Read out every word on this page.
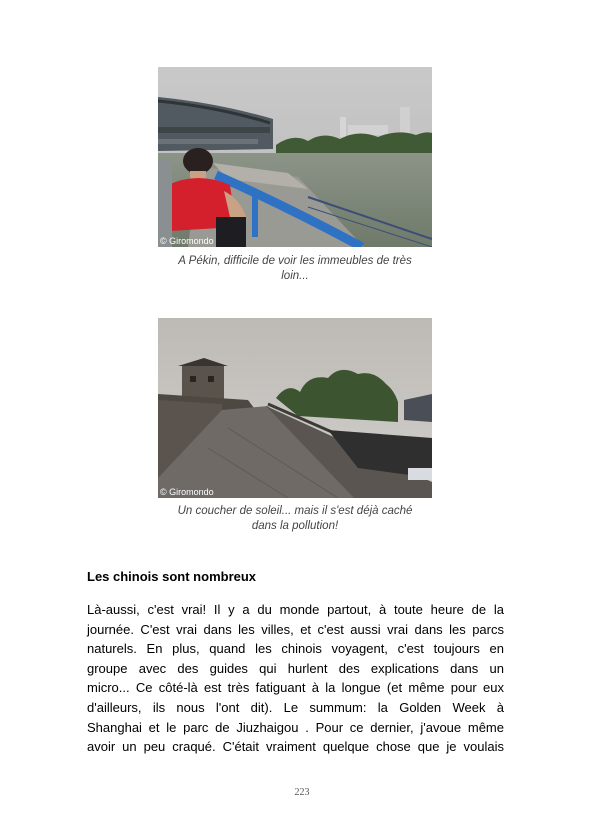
© Giromondo
A Pékin, difficile de voir les immeubles de très
loin...
© Giromondo
Un coucher de soleil... mais il s'est déjà caché
dans la pollution!
Les chinois sont nombreux
Là-aussi, c'est vrai! Il y a du monde partout, à toute heure de la
journée. C'est vrai dans les villes, et c'est aussi vrai dans les parcs
naturels. En plus, quand les chinois voyagent, c'est toujours en
groupe avec des guides qui hurlent des explications dans un
micro... Ce côté-là est très fatiguant à la longue (et même pour eux
d'ailleurs, ils nous l'ont dit). Le summum: la Golden Week à
Shanghai et le parc de Jiuzhaigou . Pour ce dernier, j'avoue même
avoir un peu craqué. C'était vraiment quelque chose que je voulais
223
